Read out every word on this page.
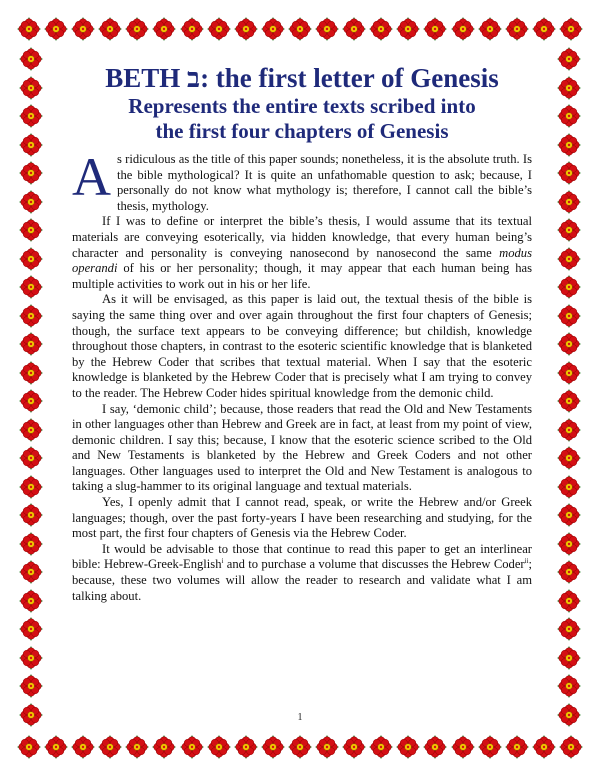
BETH ב: the first letter of Genesis
Represents the entire texts scribed into
the first four chapters of Genesis

As ridiculous as the title of this paper sounds; nonetheless, it is the absolute truth. Is the bible mythological? It is quite an unfathomable question to ask; because, I personally do not know what mythology is; therefore, I cannot call the bible’s thesis, mythology.

If I was to define or interpret the bible’s thesis, I would assume that its textual materials are conveying esoterically, via hidden knowledge, that every human being’s character and personality is conveying nanosecond by nanosecond the same modus operandi of his or her personality; though, it may appear that each human being has multiple activities to work out in his or her life.

As it will be envisaged, as this paper is laid out, the textual thesis of the bible is saying the same thing over and over again throughout the first four chapters of Genesis; though, the surface text appears to be conveying difference; but childish, knowledge throughout those chapters, in contrast to the esoteric scientific knowledge that is blanketed by the Hebrew Coder that scribes that textual material. When I say that the esoteric knowledge is blanketed by the Hebrew Coder that is precisely what I am trying to convey to the reader. The Hebrew Coder hides spiritual knowledge from the demonic child.

I say, ‘demonic child’; because, those readers that read the Old and New Testaments in other languages other than Hebrew and Greek are in fact, at least from my point of view, demonic children. I say this; because, I know that the esoteric science scribed to the Old and New Testaments is blanketed by the Hebrew and Greek Coders and not other languages. Other languages used to interpret the Old and New Testament is analogous to taking a slug-hammer to its original language and textual materials.

Yes, I openly admit that I cannot read, speak, or write the Hebrew and/or Greek languages; though, over the past forty-years I have been researching and studying, for the most part, the first four chapters of Genesis via the Hebrew Coder.

It would be advisable to those that continue to read this paper to get an interlinear bible: Hebrew-Greek-English$^i$ and to purchase a volume that discusses the Hebrew Coder$^{ii}$; because, these two volumes will allow the reader to research and validate what I am talking about.

1
